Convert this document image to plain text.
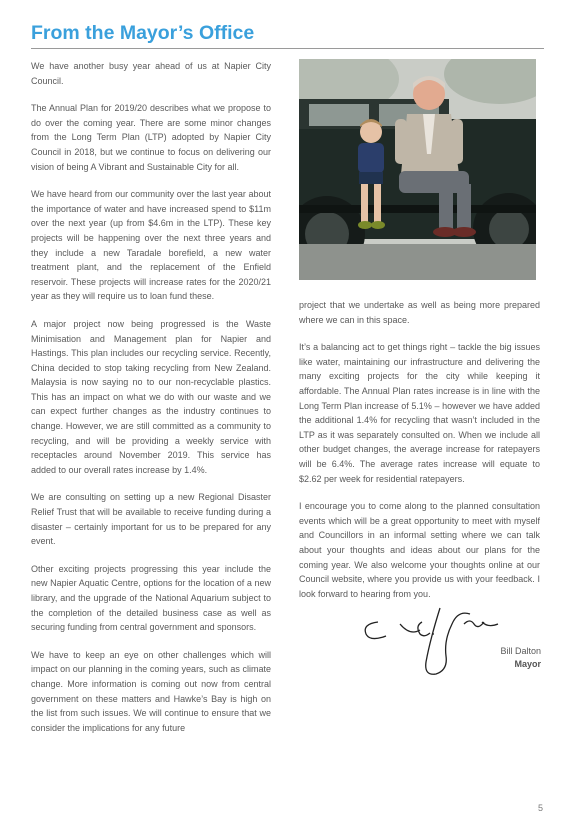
From the Mayor’s Office

We have another busy year ahead of us at Napier City Council.

The Annual Plan for 2019/20 describes what we propose to do over the coming year. There are some minor changes from the Long Term Plan (LTP) adopted by Napier City Council in 2018, but we continue to focus on delivering our vision of being A Vibrant and Sustainable City for all.

We have heard from our community over the last year about the importance of water and have increased spend to $11m over the next year (up from $4.6m in the LTP). These key projects will be happening over the next three years and they include a new Taradale borefield, a new water treatment plant, and the replacement of the Enfield reservoir. These projects will increase rates for the 2020/21 year as they will require us to loan fund these.

A major project now being progressed is the Waste Minimisation and Management plan for Napier and Hastings. This plan includes our recycling service. Recently, China decided to stop taking recycling from New Zealand. Malaysia is now saying no to our non-recyclable plastics. This has an impact on what we do with our waste and we can expect further changes as the industry continues to change. However, we are still committed as a community to recycling, and will be providing a weekly service with receptacles around November 2019. This service has added to our overall rates increase by 1.4%.

We are consulting on setting up a new Regional Disaster Relief Trust that will be available to receive funding during a disaster – certainly important for us to be prepared for any event.

Other exciting projects progressing this year include the new Napier Aquatic Centre, options for the location of a new library, and the upgrade of the National Aquarium subject to the completion of the detailed business case as well as securing funding from central government and sponsors.

We have to keep an eye on other challenges which will impact on our planning in the coming years, such as climate change. More information is coming out now from central government on these matters and Hawke’s Bay is high on the list from such issues. We will continue to ensure that we consider the implications for any future

project that we undertake as well as being more prepared where we can in this space.

It’s a balancing act to get things right – tackle the big issues like water, maintaining our infrastructure and delivering the many exciting projects for the city while keeping it affordable. The Annual Plan rates increase is in line with the Long Term Plan increase of 5.1% – however we have added the additional 1.4% for recycling that wasn’t included in the LTP as it was separately consulted on. When we include all other budget changes, the average increase for ratepayers will be 6.4%. The average rates increase will equate to $2.62 per week for residential ratepayers.

I encourage you to come along to the planned consultation events which will be a great opportunity to meet with myself and Councillors in an informal setting where we can talk about your thoughts and ideas about our plans for the coming year. We also welcome your thoughts online at our Council website, where you provide us with your feedback. I look forward to hearing from you.

Bill Dalton
Mayor
5
